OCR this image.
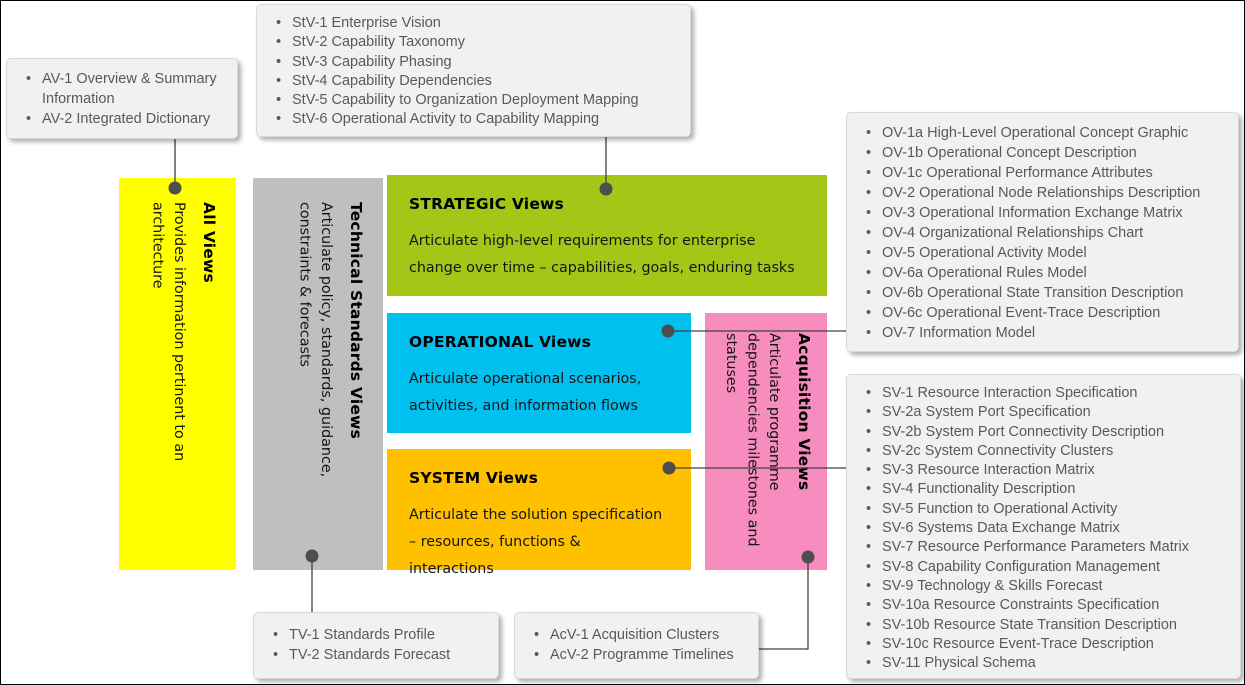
All Views
Provides information pertinent to an architecture	Technical Standards Views
Articulate policy, standards, guidance, constraints & forecasts
Acquisition Views
Articulate programme dependencies milestones and statuses
STRATEGIC Views
Articulate high-level requirements for enterprise change over time – capabilities, goals, enduring tasks
OPERATIONAL Views
Articulate operational scenarios, activities, and information flows
SYSTEM Views
Articulate the solution specification – resources, functions & interactions
• AV-1 Overview & Summary Information
• AV-2 Integrated Dictionary
• StV-1 Enterprise Vision
• StV-2 Capability Taxonomy
• StV-3 Capability Phasing
• StV-4 Capability Dependencies
• StV-5 Capability to Organization Deployment Mapping
• StV-6 Operational Activity to Capability Mapping
• OV-1a High-Level Operational Concept Graphic
• OV-1b Operational Concept Description
• OV-1c Operational Performance Attributes
• OV-2 Operational Node Relationships Description
• OV-3 Operational Information Exchange Matrix
• OV-4 Organizational Relationships Chart
• OV-5 Operational Activity Model
• OV-6a Operational Rules Model
• OV-6b Operational State Transition Description
• OV-6c Operational Event-Trace Description
• OV-7 Information Model
• SV-1 Resource Interaction Specification
• SV-2a System Port Specification
• SV-2b System Port Connectivity Description
• SV-2c System Connectivity Clusters
• SV-3 Resource Interaction Matrix
• SV-4 Functionality Description
• SV-5 Function to Operational Activity
• SV-6 Systems Data Exchange Matrix
• SV-7 Resource Performance Parameters Matrix
• SV-8 Capability Configuration Management
• SV-9 Technology & Skills Forecast
• SV-10a Resource Constraints Specification
• SV-10b Resource State Transition Description
• SV-10c Resource Event-Trace Description
• SV-11 Physical Schema
• TV-1 Standards Profile
• TV-2 Standards Forecast
• AcV-1 Acquisition Clusters
• AcV-2 Programme Timelines
